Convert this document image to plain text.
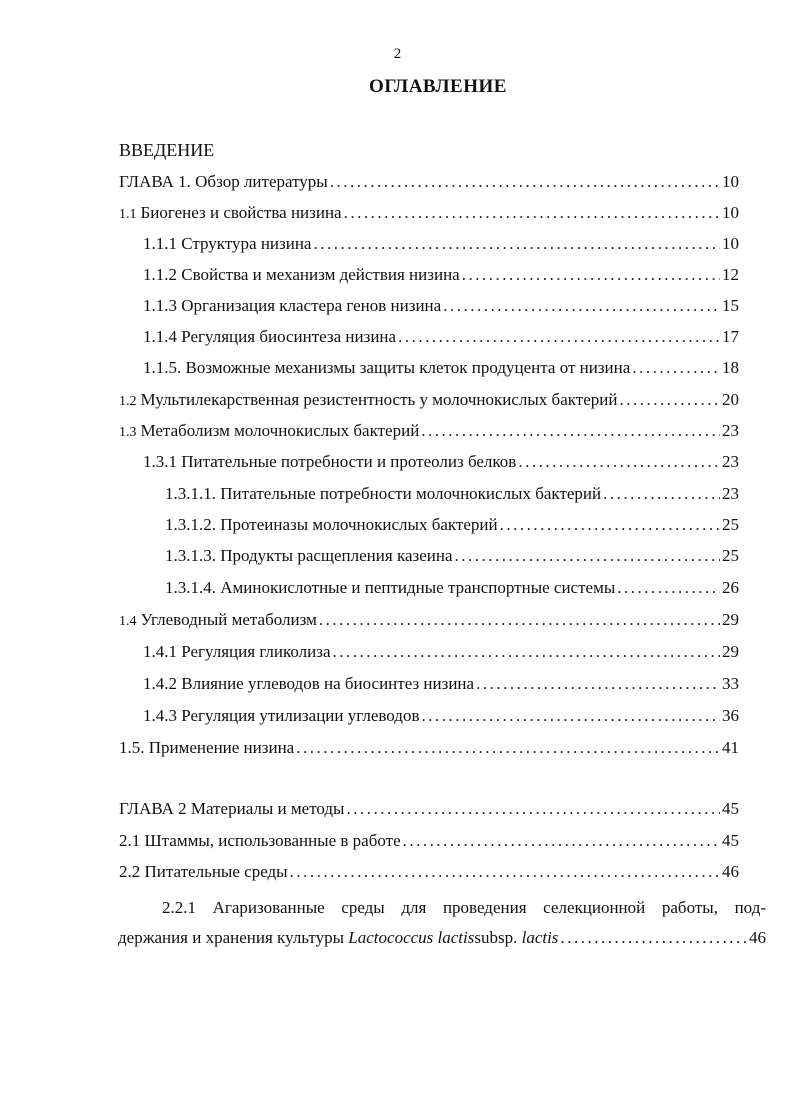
2
ОГЛАВЛЕНИЕ
ВВЕДЕНИЕ
ГЛАВА 1. Обзор литературы .....	10
1.1 Биогенез и свойства низина .....	10
1.1.1 Структура низина .....	10
1.1.2 Свойства и механизм действия низина .....	12
1.1.3 Организация кластера генов низина .....	15
1.1.4 Регуляция биосинтеза низина .....	17
1.1.5. Возможные механизмы защиты клеток продуцента от низина .....	18
1.2 Мультилекарственная резистентность у молочнокислых бактерий .....	20
1.3 Метаболизм молочнокислых бактерий .....	23
1.3.1 Питательные потребности и протеолиз белков .....	23
1.3.1.1. Питательные потребности молочнокислых бактерий .....	23
1.3.1.2. Протеиназы молочнокислых бактерий .....	25
1.3.1.3. Продукты расщепления казеина .....	25
1.3.1.4. Аминокислотные и пептидные транспортные системы .....	26
1.4 Углеводный метаболизм .....	29
1.4.1 Регуляция гликолиза .....	29
1.4.2 Влияние углеводов на биосинтез низина .....	33
1.4.3 Регуляция утилизации углеводов .....	36
1.5. Применение низина .....	41
ГЛАВА 2 Материалы и методы .....	45
2.1 Штаммы, использованные в работе .....	45
2.2 Питательные среды .....	46
2.2.1 Агаризованные среды для проведения селекционной работы, под-
держания и хранения культуры
Lactococcus lactis subsp.
lactis .....	46
